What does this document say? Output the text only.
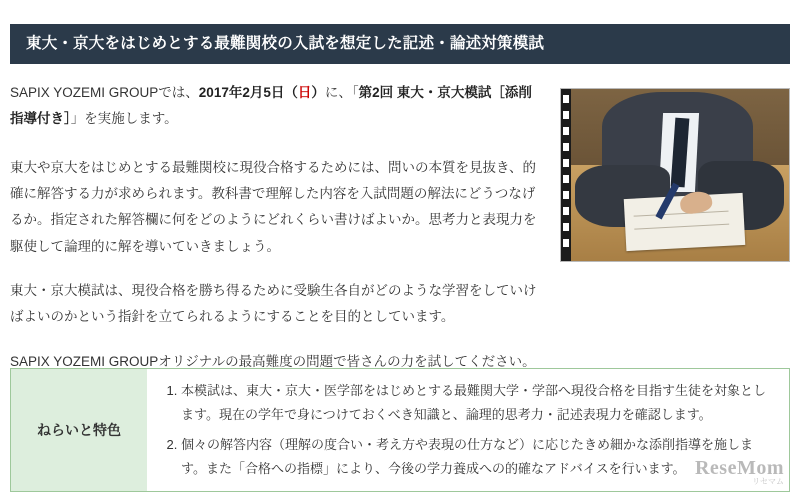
東大・京大をはじめとする最難関校の入試を想定した記述・論述対策模試

SAPIX YOZEMI GROUPでは、2017年2月5日（日）に、「第2回 東大・京大模試［添削指導付き］」を実施します。

東大や京大をはじめとする最難関校に現役合格するためには、問いの本質を見抜き、的確に解答する力が求められます。教科書で理解した内容を入試問題の解法にどうつなげるか。指定された解答欄に何をどのようにどれくらい書けばよいか。思考力と表現力を駆使して論理的に解を導いていきましょう。

東大・京大模試は、現役合格を勝ち得るために受験生各自がどのような学習をしていけばよいのかという指針を立てられるようにすることを目的としています。

SAPIX YOZEMI GROUPオリジナルの最高難度の問題で皆さんの力を試してください。

ねらいと特色
1. 本模試は、東大・京大・医学部をはじめとする最難関大学・学部へ現役合格を目指す生徒を対象とします。現在の学年で身につけておくべき知識と、論理的思考力・記述表現力を確認します。
2. 個々の解答内容（理解の度合い・考え方や表現の仕方など）に応じたきめ細かな添削指導を施します。また「合格への指標」により、今後の学力養成への的確なアドバイスを行います。 ReseMom
リセマム
